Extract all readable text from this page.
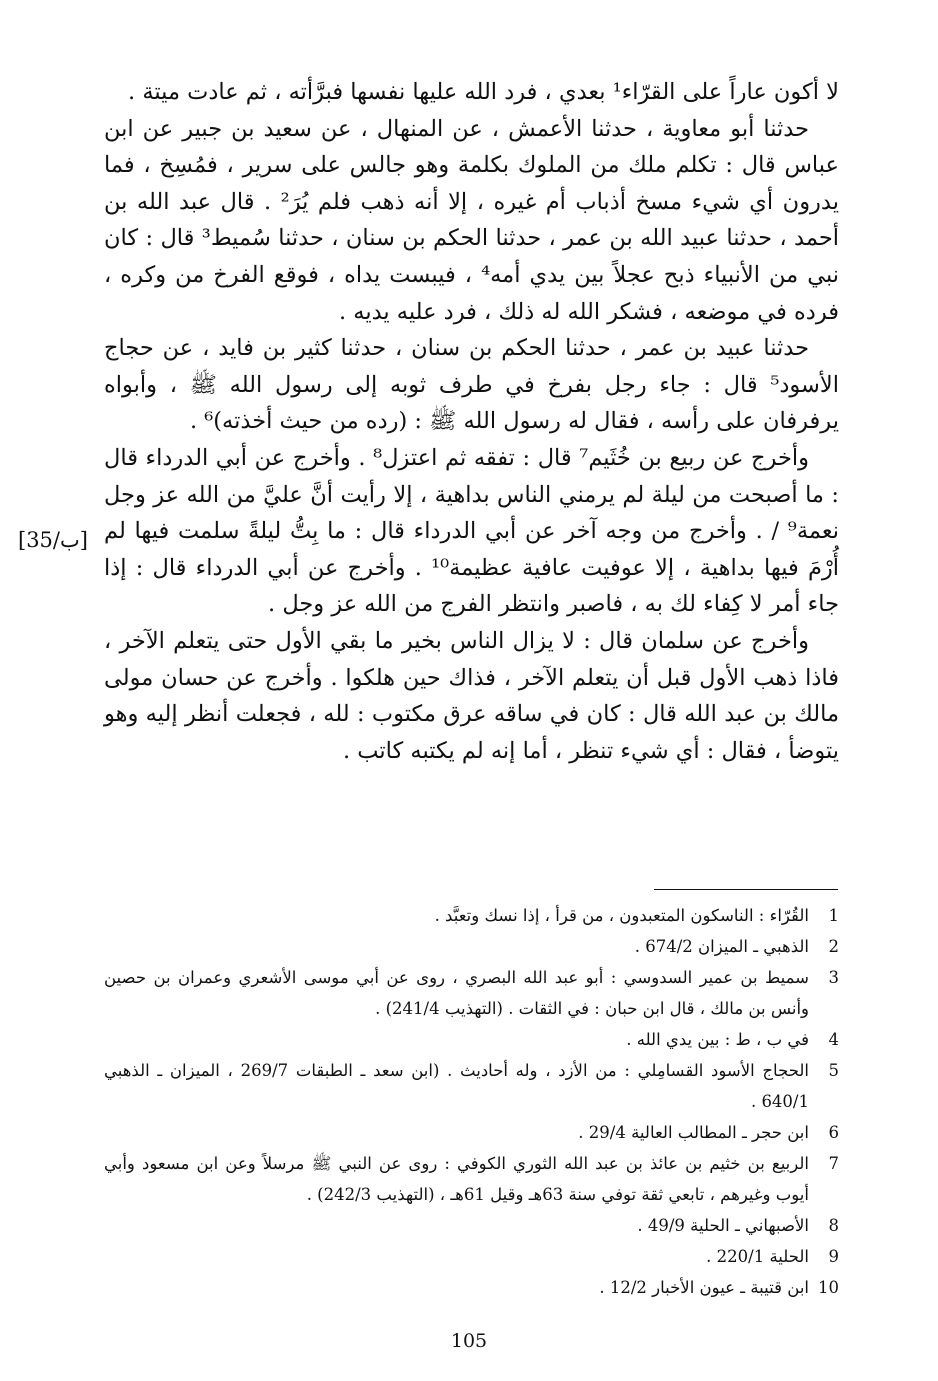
لا أكون عاراً على القرّاء¹ بعدي ، فرد الله عليها نفسها فبرَّأته ، ثم عادت ميتة .

حدثنا أبو معاوية ، حدثنا الأعمش ، عن المنهال ، عن سعيد بن جبير عن ابن عباس قال : تكلم ملك من الملوك بكلمة وهو جالس على سرير ، فمُسِخ ، فما يدرون أي شيء مسخ أذباب أم غيره ، إلا أنه ذهب فلم يُرَ² . قال عبد الله بن أحمد ، حدثنا عبيد الله بن عمر ، حدثنا الحكم بن سنان ، حدثنا سُميط³ قال : كان نبي من الأنبياء ذبح عجلاً بين يدي أمه⁴ ، فيبست يداه ، فوقع الفرخ من وكره ، فرده في موضعه ، فشكر الله له ذلك ، فرد عليه يديه .

حدثنا عبيد بن عمر ، حدثنا الحكم بن سنان ، حدثنا كثير بن فايد ، عن حجاج الأسود⁵ قال : جاء رجل بفرخ في طرف ثوبه إلى رسول الله ﷺ ، وأبواه يرفرفان على رأسه ، فقال له رسول الله ﷺ : (رده من حيث أخذته)⁶ .

وأخرج عن ربيع بن خُثَيم⁷ قال : تفقه ثم اعتزل⁸ . وأخرج عن أبي الدرداء قال : ما أصبحت من ليلة لم يرمني الناس بداهية ، إلا رأيت أنَّ عليَّ من الله عز وجل نعمة⁹ / . وأخرج من وجه آخر عن أبي الدرداء قال : ما بِتُّ ليلةً سلمت فيها لم أُرْمَ فيها بداهية ، إلا عوفيت عافية عظيمة¹⁰ . وأخرج عن أبي الدرداء قال : إذا جاء أمر لا كِفاء لك به ، فاصبر وانتظر الفرج من الله عز وجل .

وأخرج عن سلمان قال : لا يزال الناس بخير ما بقي الأول حتى يتعلم الآخر ، فاذا ذهب الأول قبل أن يتعلم الآخر ، فذاك حين هلكوا . وأخرج عن حسان مولى مالك بن عبد الله قال : كان في ساقه عرق مكتوب : لله ، فجعلت أنظر إليه وهو يتوضأ ، فقال : أي شيء تنظر ، أما إنه لم يكتبه كاتب .

[35/ب]
1
القُرّاء : الناسكون المتعبدون ، من قرأ ، إذا نسك وتعبَّد .
2
الذهبي ـ الميزان 674/2 .
3
سميط بن عمير السدوسي : أبو عبد الله البصري ، روى عن أبي موسى الأشعري وعمران بن حصين وأنس بن مالك ، قال ابن حبان : في الثقات . (التهذيب 241/4) .
4
في ب ، ط : بين يدي الله .
5
الحجاج الأسود القسامِلي : من الأزد ، وله أحاديث . (ابن سعد ـ الطبقات 269/7 ، الميزان ـ الذهبي 640/1 .
6
ابن حجر ـ المطالب العالية 29/4 .
7
الربيع بن خثيم بن عائذ بن عبد الله الثوري الكوفي : روى عن النبي ﷺ مرسلاً وعن ابن مسعود وأبي أيوب وغيرهم ، تابعي ثقة توفي سنة 63هـ وقيل 61هـ ، (التهذيب 242/3) .
8
الأصبهاني ـ الحلية 49/9 .
9
الحلية 220/1 .
10
ابن قتيبة ـ عيون الأخبار 12/2 .
105
